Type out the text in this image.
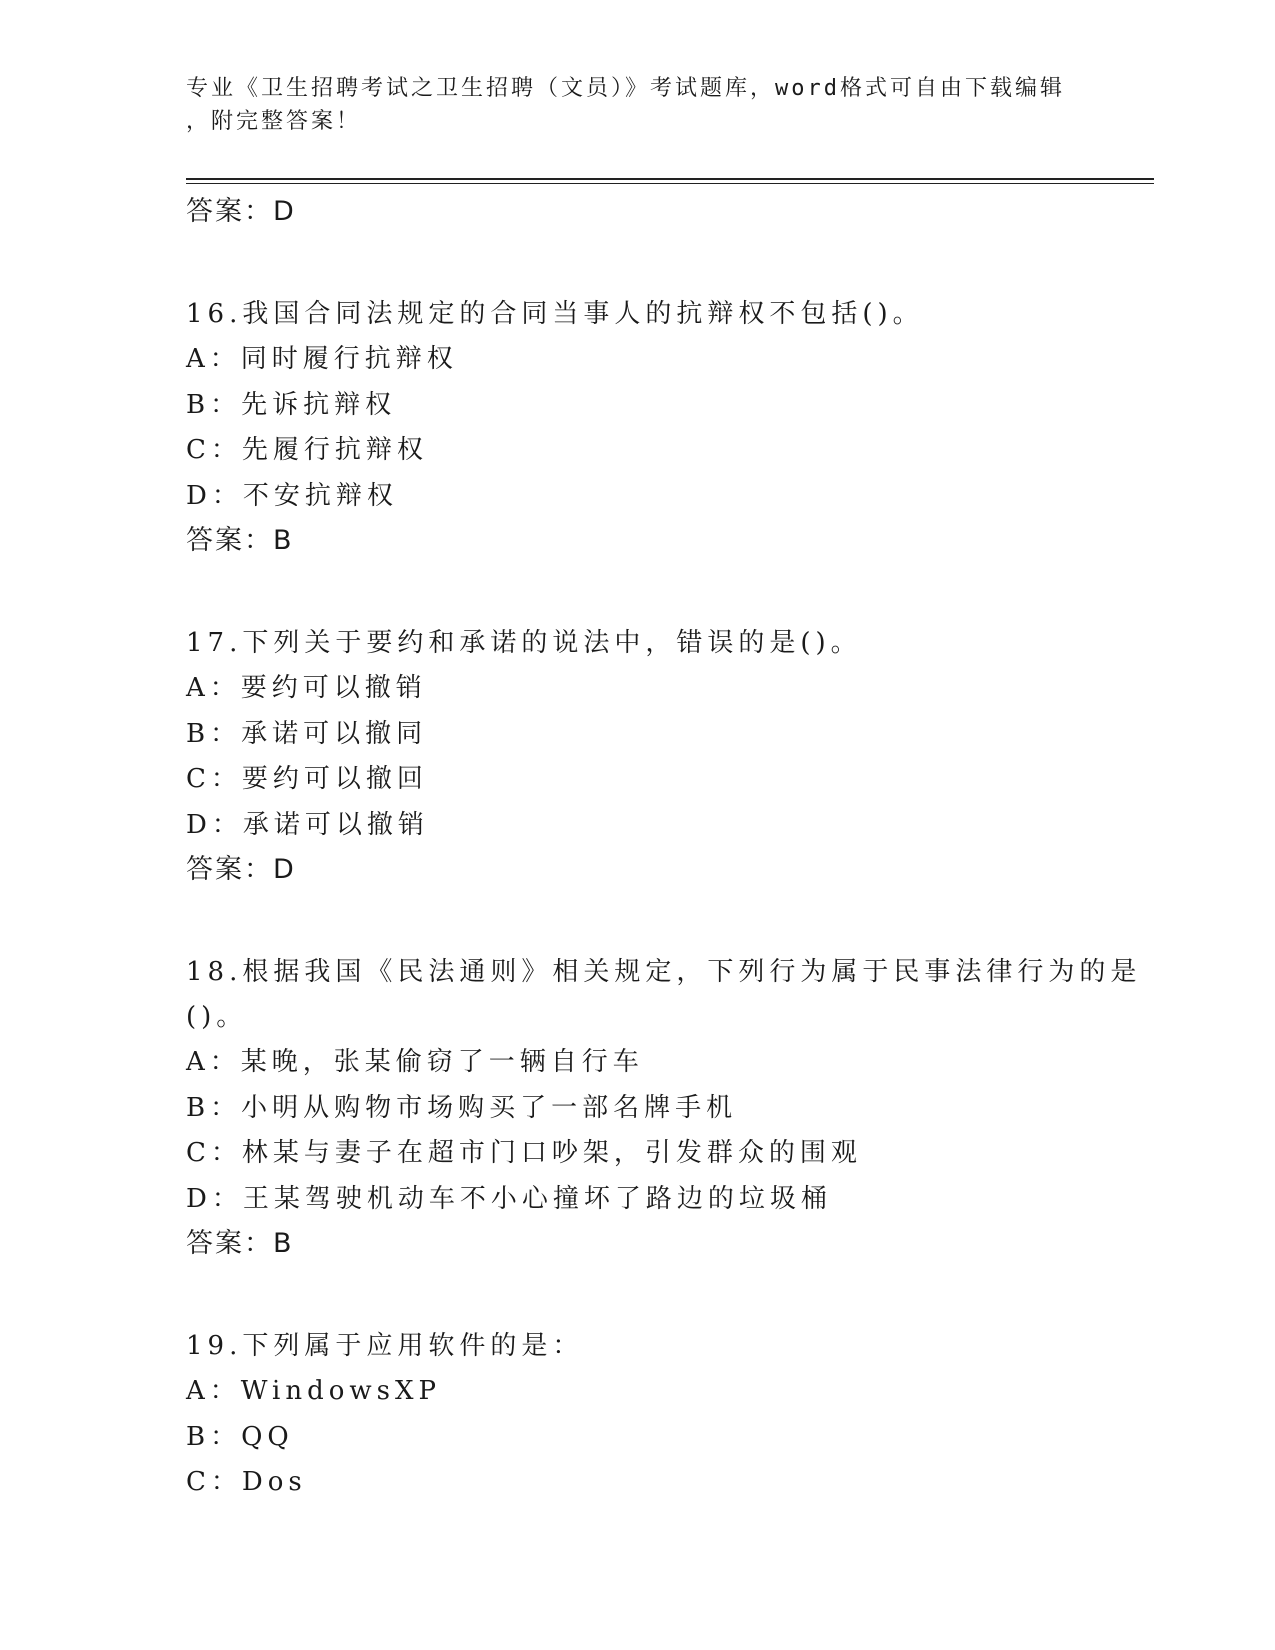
专业《卫生招聘考试之卫生招聘（文员）》考试题库，word格式可自由下载编辑
，附完整答案！
答案：D
16.我国合同法规定的合同当事人的抗辩权不包括()。
A：同时履行抗辩权
B：先诉抗辩权
C：先履行抗辩权
D：不安抗辩权
答案：B
17.下列关于要约和承诺的说法中，错误的是()。
A：要约可以撤销
B：承诺可以撤同
C：要约可以撤回
D：承诺可以撤销
答案：D
18.根据我国《民法通则》相关规定，下列行为属于民事法律行为的是
()。
A：某晚，张某偷窃了一辆自行车
B：小明从购物市场购买了一部名牌手机
C：林某与妻子在超市门口吵架，引发群众的围观
D：王某驾驶机动车不小心撞坏了路边的垃圾桶
答案：B
19.下列属于应用软件的是：
A：WindowsXP
B：QQ
C：Dos
